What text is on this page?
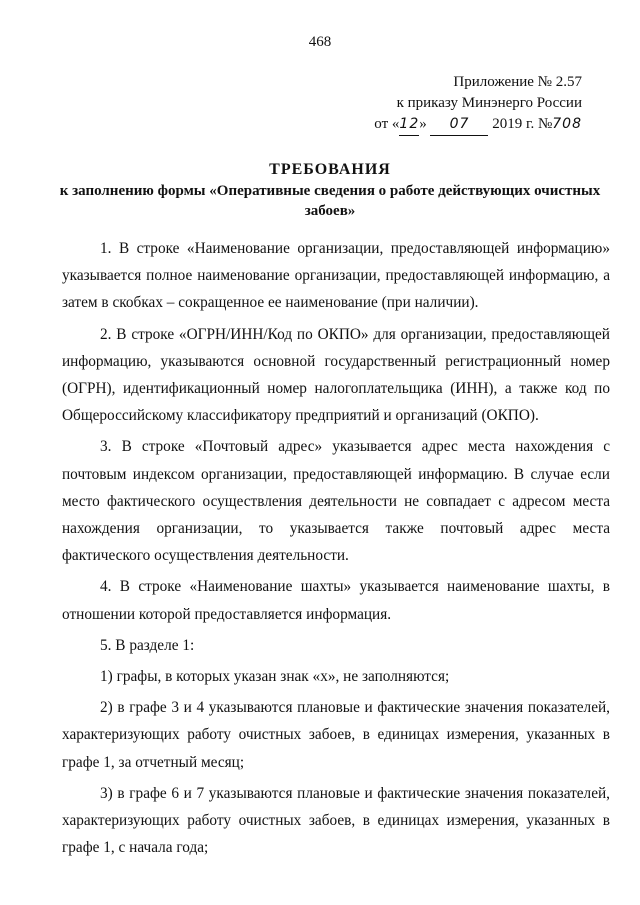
468
Приложение № 2.57
к приказу Минэнерго России
от «12» 07 2019 г. №708
ТРЕБОВАНИЯ
к заполнению формы «Оперативные сведения о работе действующих очистных забоев»

1. В строке «Наименование организации, предоставляющей информацию» указывается полное наименование организации, предоставляющей информацию, а затем в скобках – сокращенное ее наименование (при наличии).

2. В строке «ОГРН/ИНН/Код по ОКПО» для организации, предоставляющей информацию, указываются основной государственный регистрационный номер (ОГРН), идентификационный номер налогоплательщика (ИНН), а также код по Общероссийскому классификатору предприятий и организаций (ОКПО).

3. В строке «Почтовый адрес» указывается адрес места нахождения с почтовым индексом организации, предоставляющей информацию. В случае если место фактического осуществления деятельности не совпадает с адресом места нахождения организации, то указывается также почтовый адрес места фактического осуществления деятельности.

4. В строке «Наименование шахты» указывается наименование шахты, в отношении которой предоставляется информация.

5. В разделе 1:

1) графы, в которых указан знак «х», не заполняются;

2) в графе 3 и 4 указываются плановые и фактические значения показателей, характеризующих работу очистных забоев, в единицах измерения, указанных в графе 1, за отчетный месяц;

3) в графе 6 и 7 указываются плановые и фактические значения показателей, характеризующих работу очистных забоев, в единицах измерения, указанных в графе 1, с начала года;
